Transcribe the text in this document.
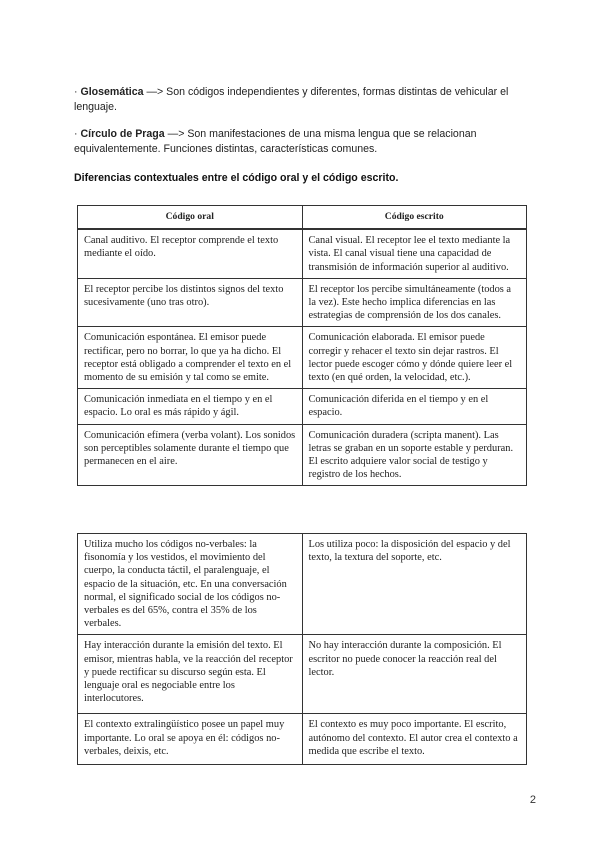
· Glosemática —> Son códigos independientes y diferentes, formas distintas de vehicular el lenguaje.
· Círculo de Praga —> Son manifestaciones de una misma lengua que se relacionan equivalentemente. Funciones distintas, características comunes.
Diferencias contextuales entre el código oral y el código escrito.
Código oral	Código escrito
Canal auditivo. El receptor comprende el texto mediante el oído.	Canal visual. El receptor lee el texto mediante la vista. El canal visual tiene una capacidad de transmisión de información superior al auditivo.
El receptor percibe los distintos signos del texto sucesivamente (uno tras otro).	El receptor los percibe simultáneamente (todos a la vez). Este hecho implica diferencias en las estrategias de comprensión de los dos canales.
Comunicación espontánea. El emisor puede rectificar, pero no borrar, lo que ya ha dicho. El receptor está obligado a comprender el texto en el momento de su emisión y tal como se emite.	Comunicación elaborada. El emisor puede corregir y rehacer el texto sin dejar rastros. El lector puede escoger cómo y dónde quiere leer el texto (en qué orden, la velocidad, etc.).
Comunicación inmediata en el tiempo y en el espacio. Lo oral es más rápido y ágil.	Comunicación diferida en el tiempo y en el espacio.
Comunicación efímera (verba volant). Los sonidos son perceptibles solamente durante el tiempo que permanecen en el aire.	Comunicación duradera (scripta manent). Las letras se graban en un soporte estable y perduran. El escrito adquiere valor social de testigo y registro de los hechos.
Utiliza mucho los códigos no-verbales: la fisonomía y los vestidos, el movimiento del cuerpo, la conducta táctil, el paralenguaje, el espacio de la situación, etc. En una conversación normal, el significado social de los códigos no-verbales es del 65%, contra el 35% de los verbales.	Los utiliza poco: la disposición del espacio y del texto, la textura del soporte, etc.
Hay interacción durante la emisión del texto. El emisor, mientras habla, ve la reacción del receptor y puede rectificar su discurso según esta. El lenguaje oral es negociable entre los interlocutores.	No hay interacción durante la composición. El escritor no puede conocer la reacción real del lector.
El contexto extralingüístico posee un papel muy importante. Lo oral se apoya en él: códigos no-verbales, deixis, etc.	El contexto es muy poco importante. El escrito, autónomo del contexto. El autor crea el contexto a medida que escribe el texto.
2
